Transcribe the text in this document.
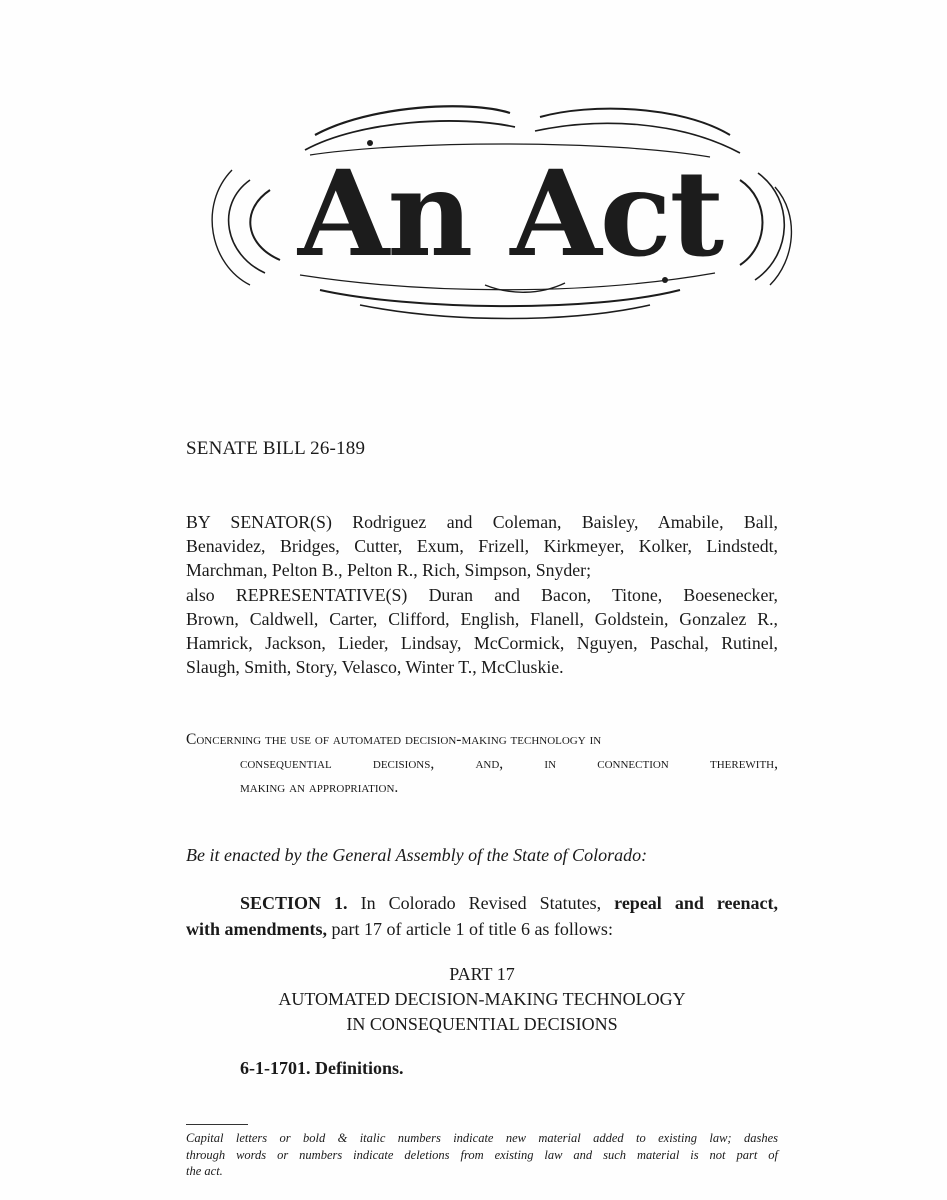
An Act
SENATE BILL 26-189
BY SENATOR(S) Rodriguez and Coleman, Baisley, Amabile, Ball,
Benavidez, Bridges, Cutter, Exum, Frizell, Kirkmeyer, Kolker, Lindstedt,
Marchman, Pelton B., Pelton R., Rich, Simpson, Snyder;
also REPRESENTATIVE(S) Duran and Bacon, Titone, Boesenecker,
Brown, Caldwell, Carter, Clifford, English, Flanell, Goldstein, Gonzalez R.,
Hamrick, Jackson, Lieder, Lindsay, McCormick, Nguyen, Paschal, Rutinel,
Slaugh, Smith, Story, Velasco, Winter T., McCluskie.
Concerning the use of automated decision-making technology in
consequential decisions, and, in connection therewith,
making an appropriation.
Be it enacted by the General Assembly of the State of Colorado:
SECTION 1. In Colorado Revised Statutes, repeal and reenact,
with amendments, part 17 of article 1 of title 6 as follows:
PART 17
AUTOMATED DECISION-MAKING TECHNOLOGY
IN CONSEQUENTIAL DECISIONS
6-1-1701. Definitions.
Capital letters or bold & italic numbers indicate new material added to existing law; dashes
through words or numbers indicate deletions from existing law and such material is not part of
the act.
